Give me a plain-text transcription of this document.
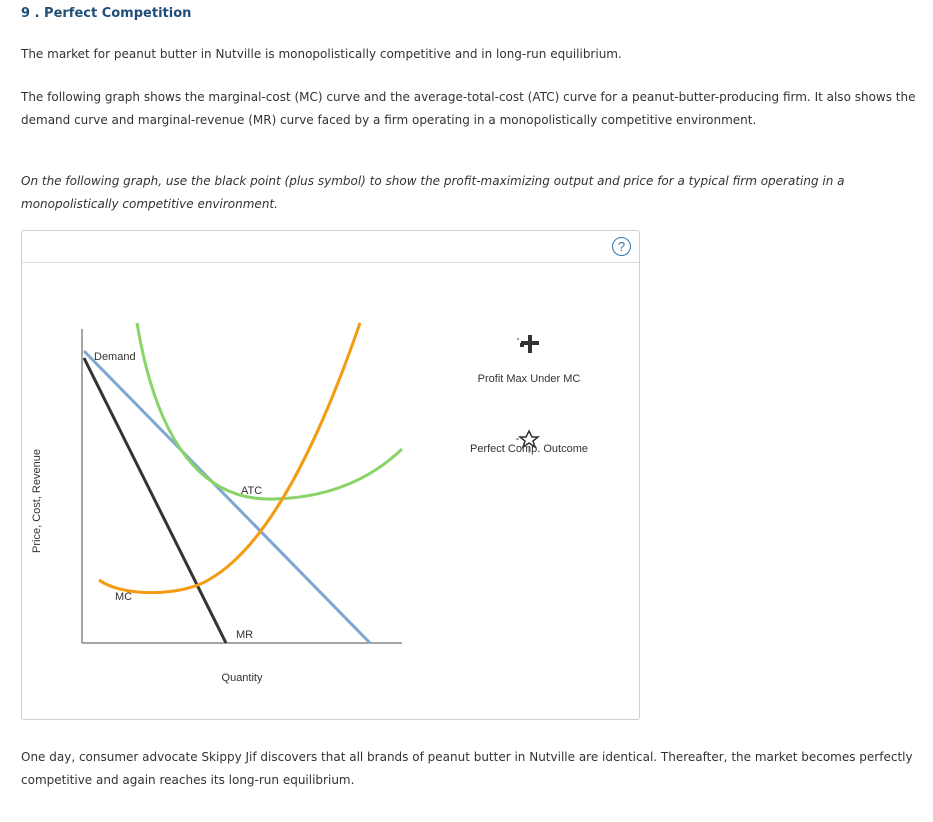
9 . Perfect Competition

The market for peanut butter in Nutville is monopolistically competitive and in long-run equilibrium.

The following graph shows the marginal-cost (MC) curve and the average-total-cost (ATC) curve for a peanut-butter-producing firm. It also shows the demand curve and marginal-revenue (MR) curve faced by a firm operating in a monopolistically competitive environment.

On the following graph, use the black point (plus symbol) to show the profit-maximizing output and price for a typical firm operating in a monopolistically competitive environment.

?
Price, Cost, Revenue
Demand
ATC
MC
MR
Quantity
Profit Max Under MC
Perfect Comp. Outcome

One day, consumer advocate Skippy Jif discovers that all brands of peanut butter in Nutville are identical. Thereafter, the market becomes perfectly competitive and again reaches its long-run equilibrium.
